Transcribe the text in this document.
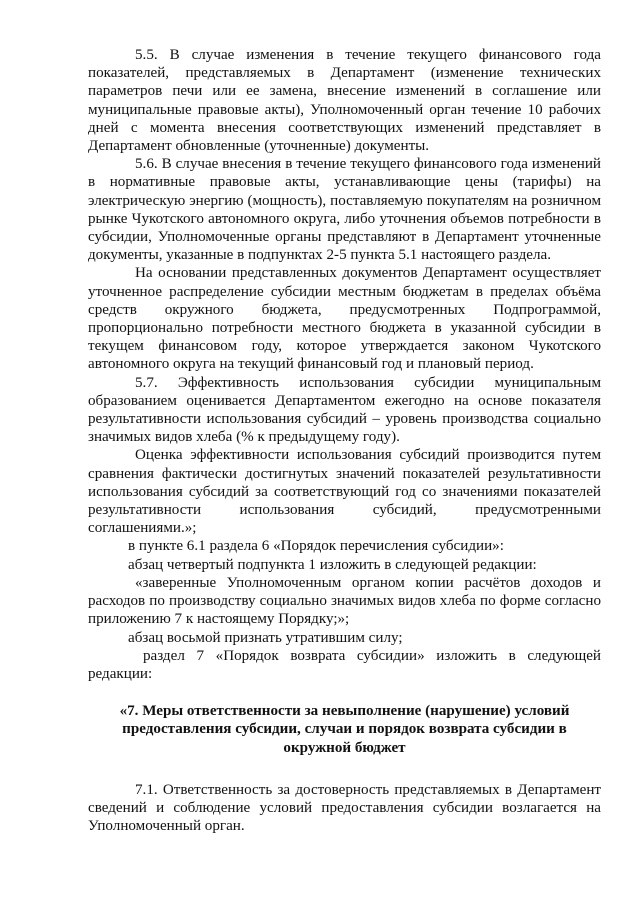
5.5. В случае изменения в течение текущего финансового года показателей, представляемых в Департамент (изменение технических параметров печи или ее замена, внесение изменений в соглашение или муниципальные правовые акты), Уполномоченный орган течение 10 рабочих дней с момента внесения соответствующих изменений представляет в Департамент обновленные (уточненные) документы.

5.6. В случае внесения в течение текущего финансового года изменений в нормативные правовые акты, устанавливающие цены (тарифы) на электрическую энергию (мощность), поставляемую покупателям на розничном рынке Чукотского автономного округа, либо уточнения объемов потребности в субсидии, Уполномоченные органы представляют в Департамент уточненные документы, указанные в подпунктах 2-5 пункта 5.1 настоящего раздела.

На основании представленных документов Департамент осуществляет уточненное распределение субсидии местным бюджетам в пределах объёма средств окружного бюджета, предусмотренных Подпрограммой, пропорционально потребности местного бюджета в указанной субсидии в текущем финансовом году, которое утверждается законом Чукотского автономного округа на текущий финансовый год и плановый период.

5.7. Эффективность использования субсидии муниципальным образованием оценивается Департаментом ежегодно на основе показателя результативности использования субсидий – уровень производства социально значимых видов хлеба (% к предыдущему году).

Оценка эффективности использования субсидий производится путем сравнения фактически достигнутых значений показателей результативности использования субсидий за соответствующий год со значениями показателей результативности использования субсидий, предусмотренными соглашениями.»;

в пункте 6.1 раздела 6 «Порядок перечисления субсидии»:

абзац четвертый подпункта 1 изложить в следующей редакции:

«заверенные Уполномоченным органом копии расчётов доходов и расходов по производству социально значимых видов хлеба по форме согласно приложению 7 к настоящему Порядку;»;

абзац восьмой признать утратившим силу;

раздел 7 «Порядок возврата субсидии» изложить в следующей редакции:

«7. Меры ответственности за невыполнение (нарушение) условий предоставления субсидии, случаи и порядок возврата субсидии в окружной бюджет

7.1. Ответственность за достоверность представляемых в Департамент сведений и соблюдение условий предоставления субсидии возлагается на Уполномоченный орган.
